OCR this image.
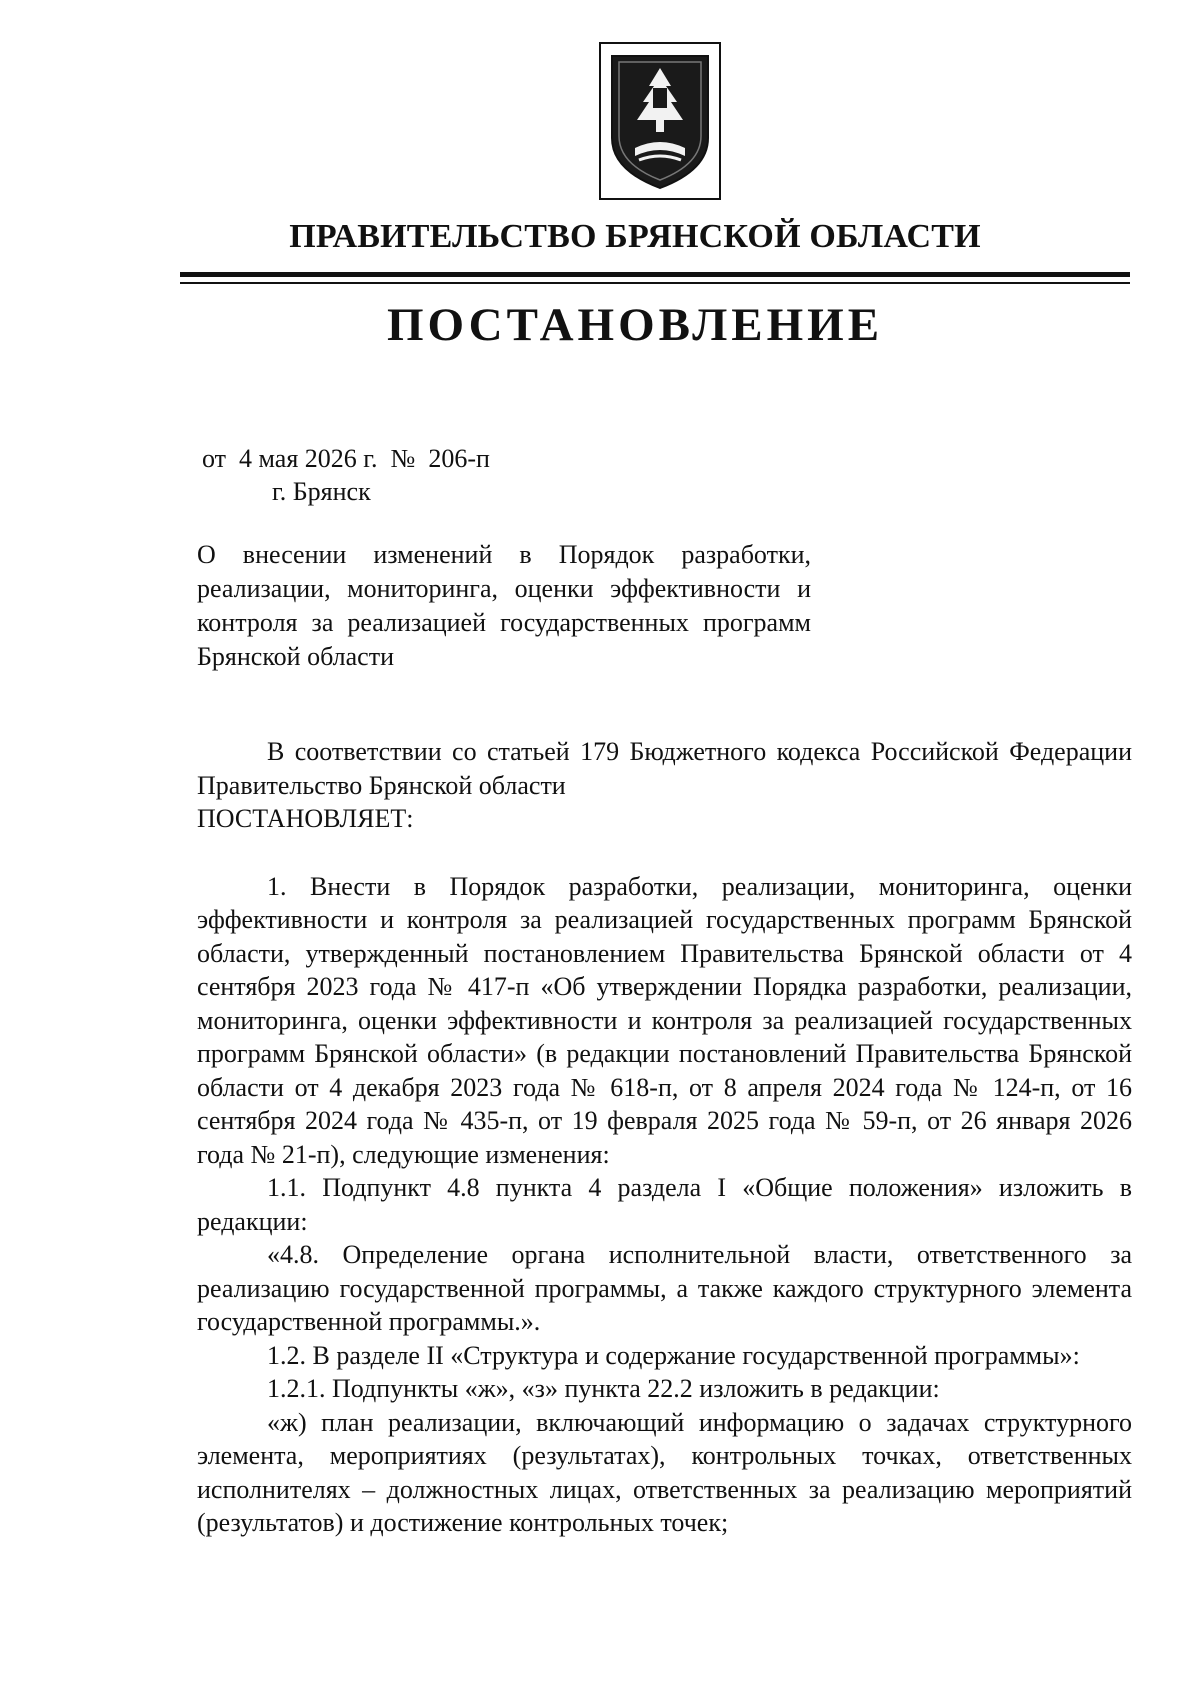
ПРАВИТЕЛЬСТВО БРЯНСКОЙ ОБЛАСТИ
ПОСТАНОВЛЕНИЕ
от  4 мая 2026 г.  №  206-п
г. Брянск
О внесении изменений в Порядок разработки, реализации, мониторинга, оценки эффективности и контроля за реализацией государственных программ Брянской области

В соответствии со статьей 179 Бюджетного кодекса Российской Федерации Правительство Брянской области

ПОСТАНОВЛЯЕТ:

1. Внести в Порядок разработки, реализации, мониторинга, оценки эффективности и контроля за реализацией государственных программ Брянской области, утвержденный постановлением Правительства Брянской области от 4 сентября 2023 года № 417-п «Об утверждении Порядка разработки, реализации, мониторинга, оценки эффективности и контроля за реализацией государственных программ Брянской области» (в редакции постановлений Правительства Брянской области от 4 декабря 2023 года № 618-п, от 8 апреля 2024 года № 124-п, от 16 сентября 2024 года № 435-п, от 19 февраля 2025 года № 59-п, от 26 января 2026 года № 21-п), следующие изменения:

1.1. Подпункт 4.8 пункта 4 раздела I «Общие положения» изложить в редакции:

«4.8. Определение органа исполнительной власти, ответственного за реализацию государственной программы, а также каждого структурного элемента государственной программы.».

1.2. В разделе II «Структура и содержание государственной программы»:

1.2.1. Подпункты «ж», «з» пункта 22.2 изложить в редакции:

«ж) план реализации, включающий информацию о задачах структурного элемента, мероприятиях (результатах), контрольных точках, ответственных исполнителях – должностных лицах, ответственных за реализацию мероприятий (результатов) и достижение контрольных точек;
